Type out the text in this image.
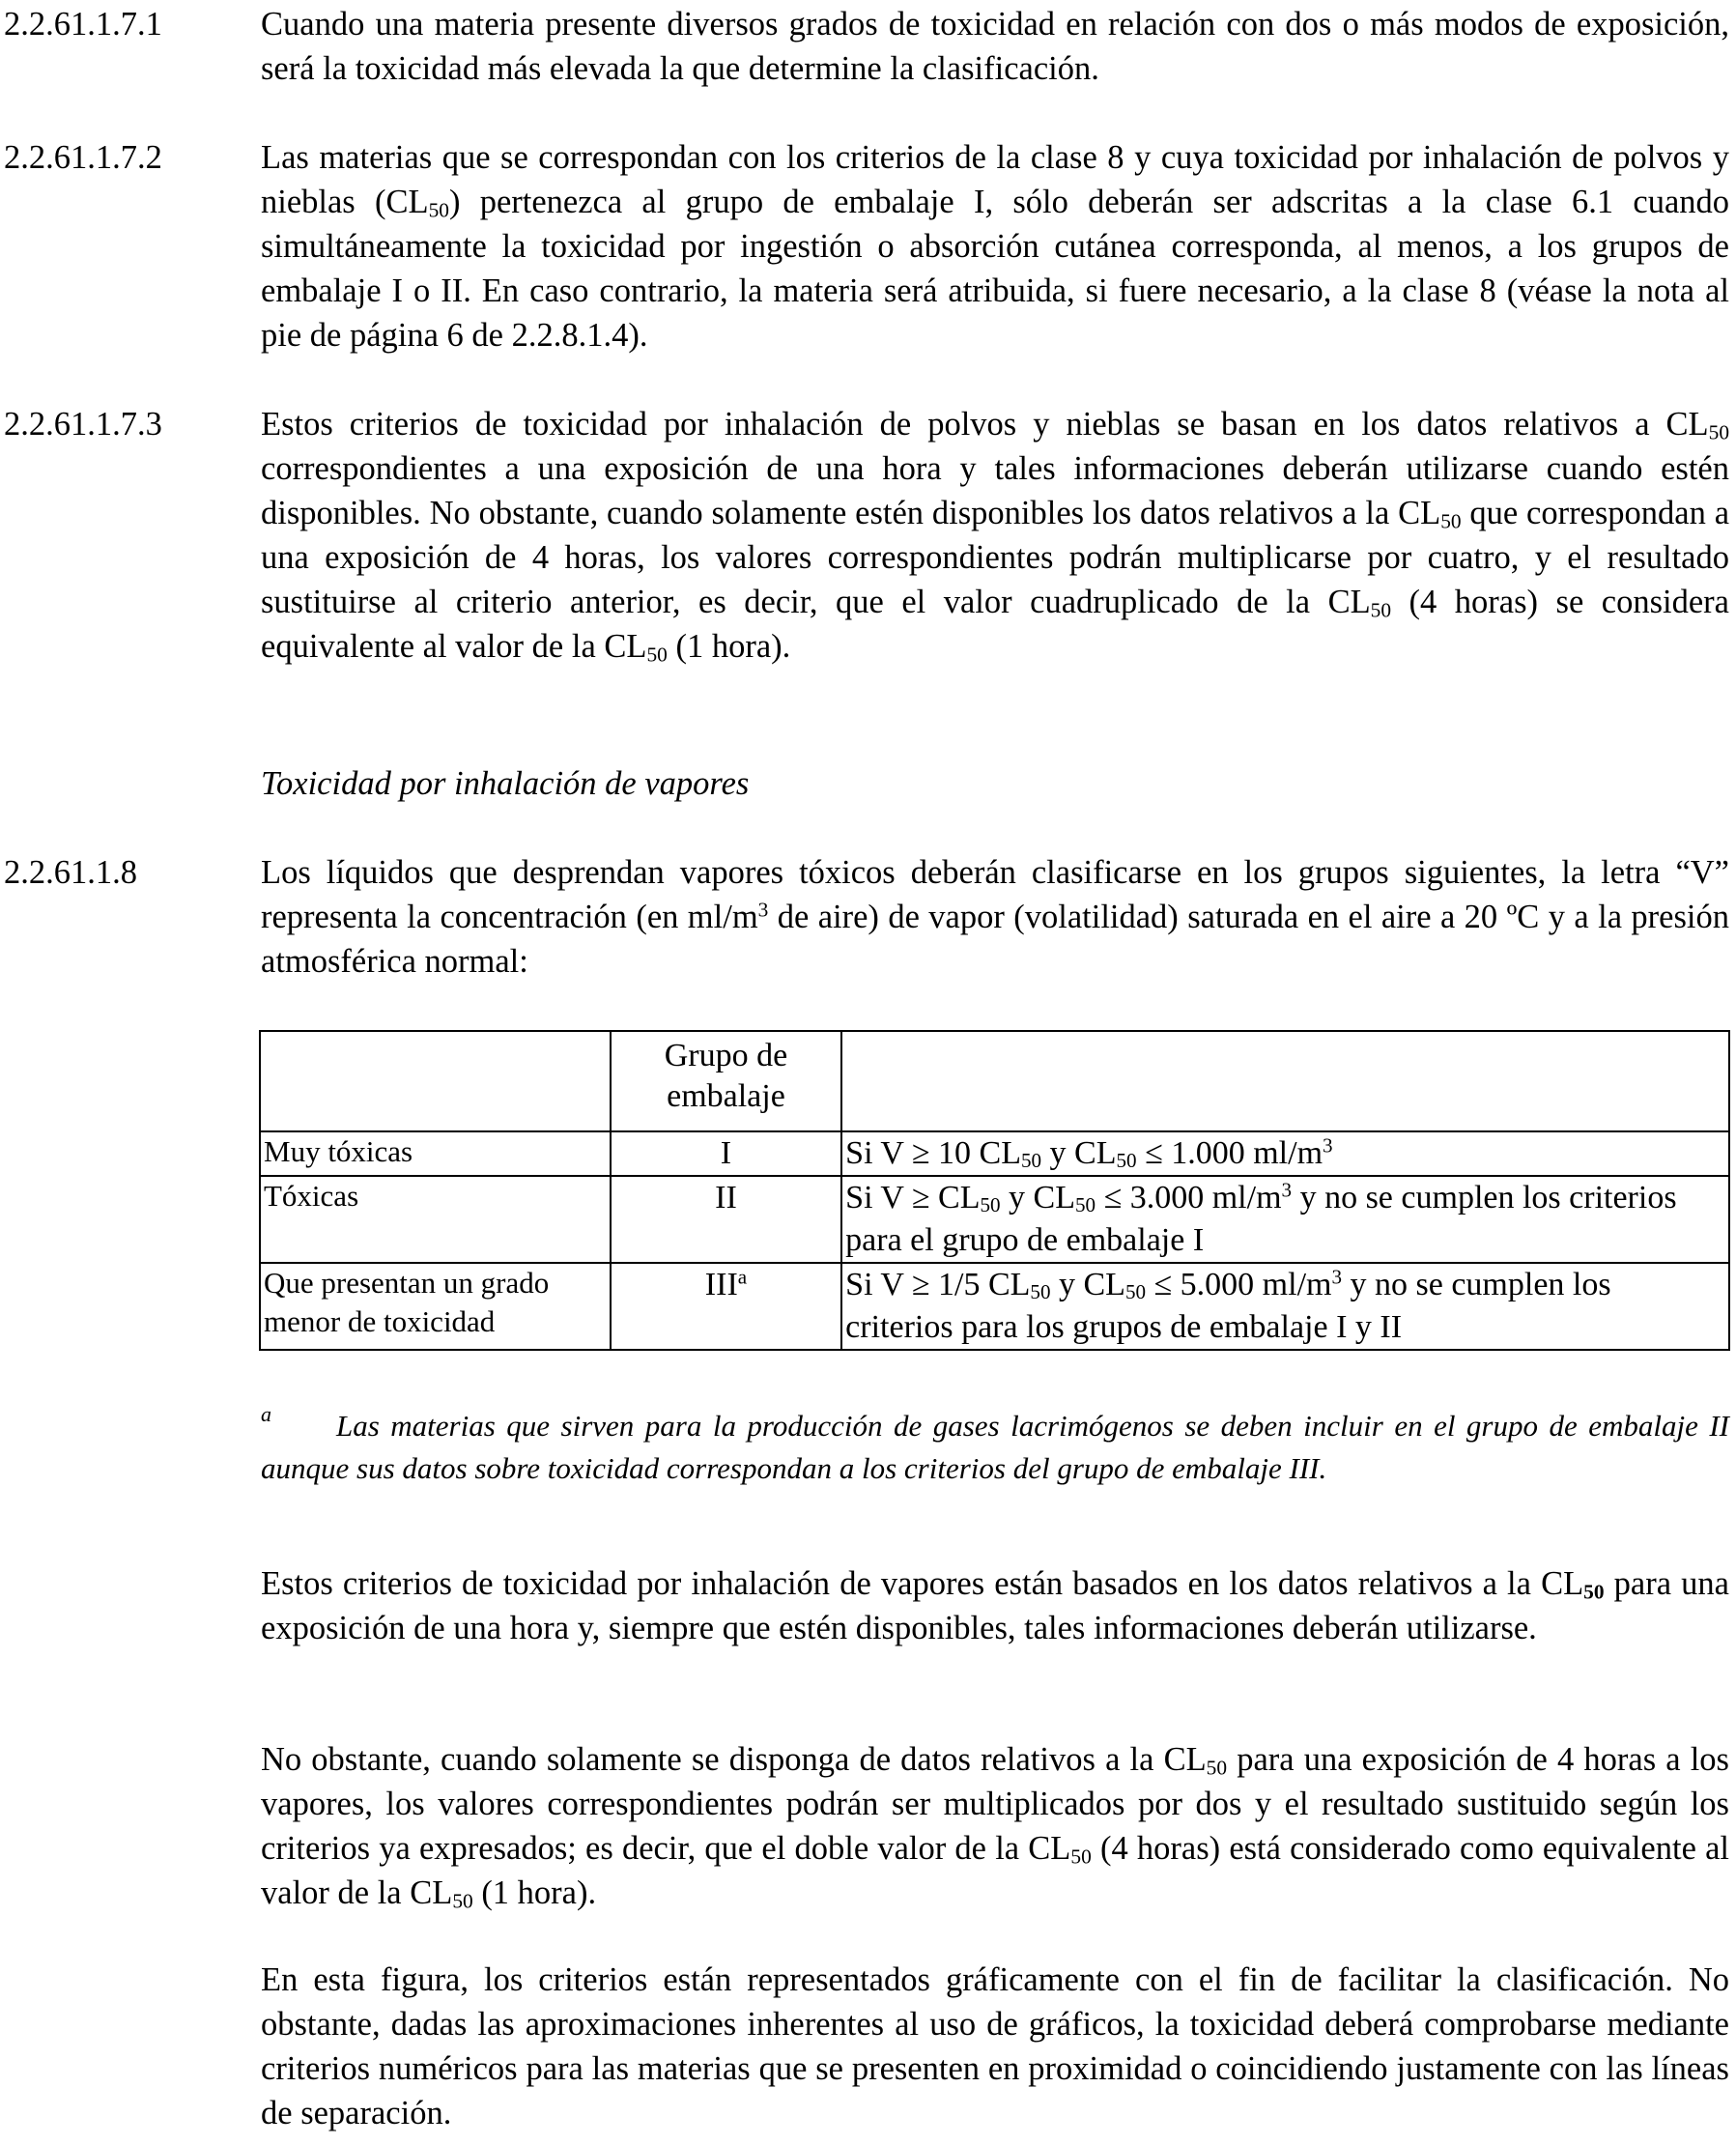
2.2.61.1.7.1	Cuando una materia presente diversos grados de toxicidad en relación con dos o más modos de exposición, será la toxicidad más elevada la que determine la clasificación.
2.2.61.1.7.2	Las materias que se correspondan con los criterios de la clase 8 y cuya toxicidad por inhalación de polvos y nieblas $(CL_{50})$ pertenezca al grupo de embalaje I, sólo deberán ser adscritas a la clase 6.1 cuando simultáneamente la toxicidad por ingestión o absorción cutánea corresponda, al menos, a los grupos de embalaje I o II. En caso contrario, la materia será atribuida, si fuere necesario, a la clase 8 (véase la nota al pie de página 6 de 2.2.8.1.4).
2.2.61.1.7.3	Estos criterios de toxicidad por inhalación de polvos y nieblas se basan en los datos relativos a $CL_{50}$ correspondientes a una exposición de una hora y tales informaciones deberán utilizarse cuando estén disponibles. No obstante, cuando solamente estén disponibles los datos relativos a la $CL_{50}$ que correspondan a una exposición de 4 horas, los valores correspondientes podrán multiplicarse por cuatro, y el resultado sustituirse al criterio anterior, es decir, que el valor cuadruplicado de la $CL_{50}$ (4 horas) se considera equivalente al valor de la $CL_{50}$ (1 hora).
Toxicidad por inhalación de vapores
2.2.61.1.8	Los líquidos que desprendan vapores tóxicos deberán clasificarse en los grupos siguientes, la letra “V” representa la concentración (en $ml/m^3$ de aire) de vapor (volatilidad) saturada en el aire a 20 ºC y a la presión atmosférica normal:
	Grupo de
embalaje	
Muy tóxicas	I	Si V ≥ 10 $CL_{50}$ y $CL_{50} \le 1.000$ $ml/m^3$
Tóxicas	II	Si $V \ge CL_{50}$ y $CL_{50} \le 3.000$ $ml/m^3$ y no se cumplen los criterios para el grupo de embalaje I
Que presentan un grado menor de toxicidad	III$^a$	Si V ≥ 1/5 $CL_{50}$ y $CL_{50} \le 5.000$ $ml/m^3$ y no se cumplen los criterios para los grupos de embalaje I y II
a Las materias que sirven para la producción de gases lacrimógenos se deben incluir en el grupo de embalaje II aunque sus datos sobre toxicidad correspondan a los criterios del grupo de embalaje III.
Estos criterios de toxicidad por inhalación de vapores están basados en los datos relativos a la $CL_{50}$ para una exposición de una hora y, siempre que estén disponibles, tales informaciones deberán utilizarse.
No obstante, cuando solamente se disponga de datos relativos a la $CL_{50}$ para una exposición de 4 horas a los vapores, los valores correspondientes podrán ser multiplicados por dos y el resultado sustituido según los criterios ya expresados; es decir, que el doble valor de la $CL_{50}$ (4 horas) está considerado como equivalente al valor de la $CL_{50}$ (1 hora).
En esta figura, los criterios están representados gráficamente con el fin de facilitar la clasificación. No obstante, dadas las aproximaciones inherentes al uso de gráficos, la toxicidad deberá comprobarse mediante criterios numéricos para las materias que se presenten en proximidad o coincidiendo justamente con las líneas de separación.
